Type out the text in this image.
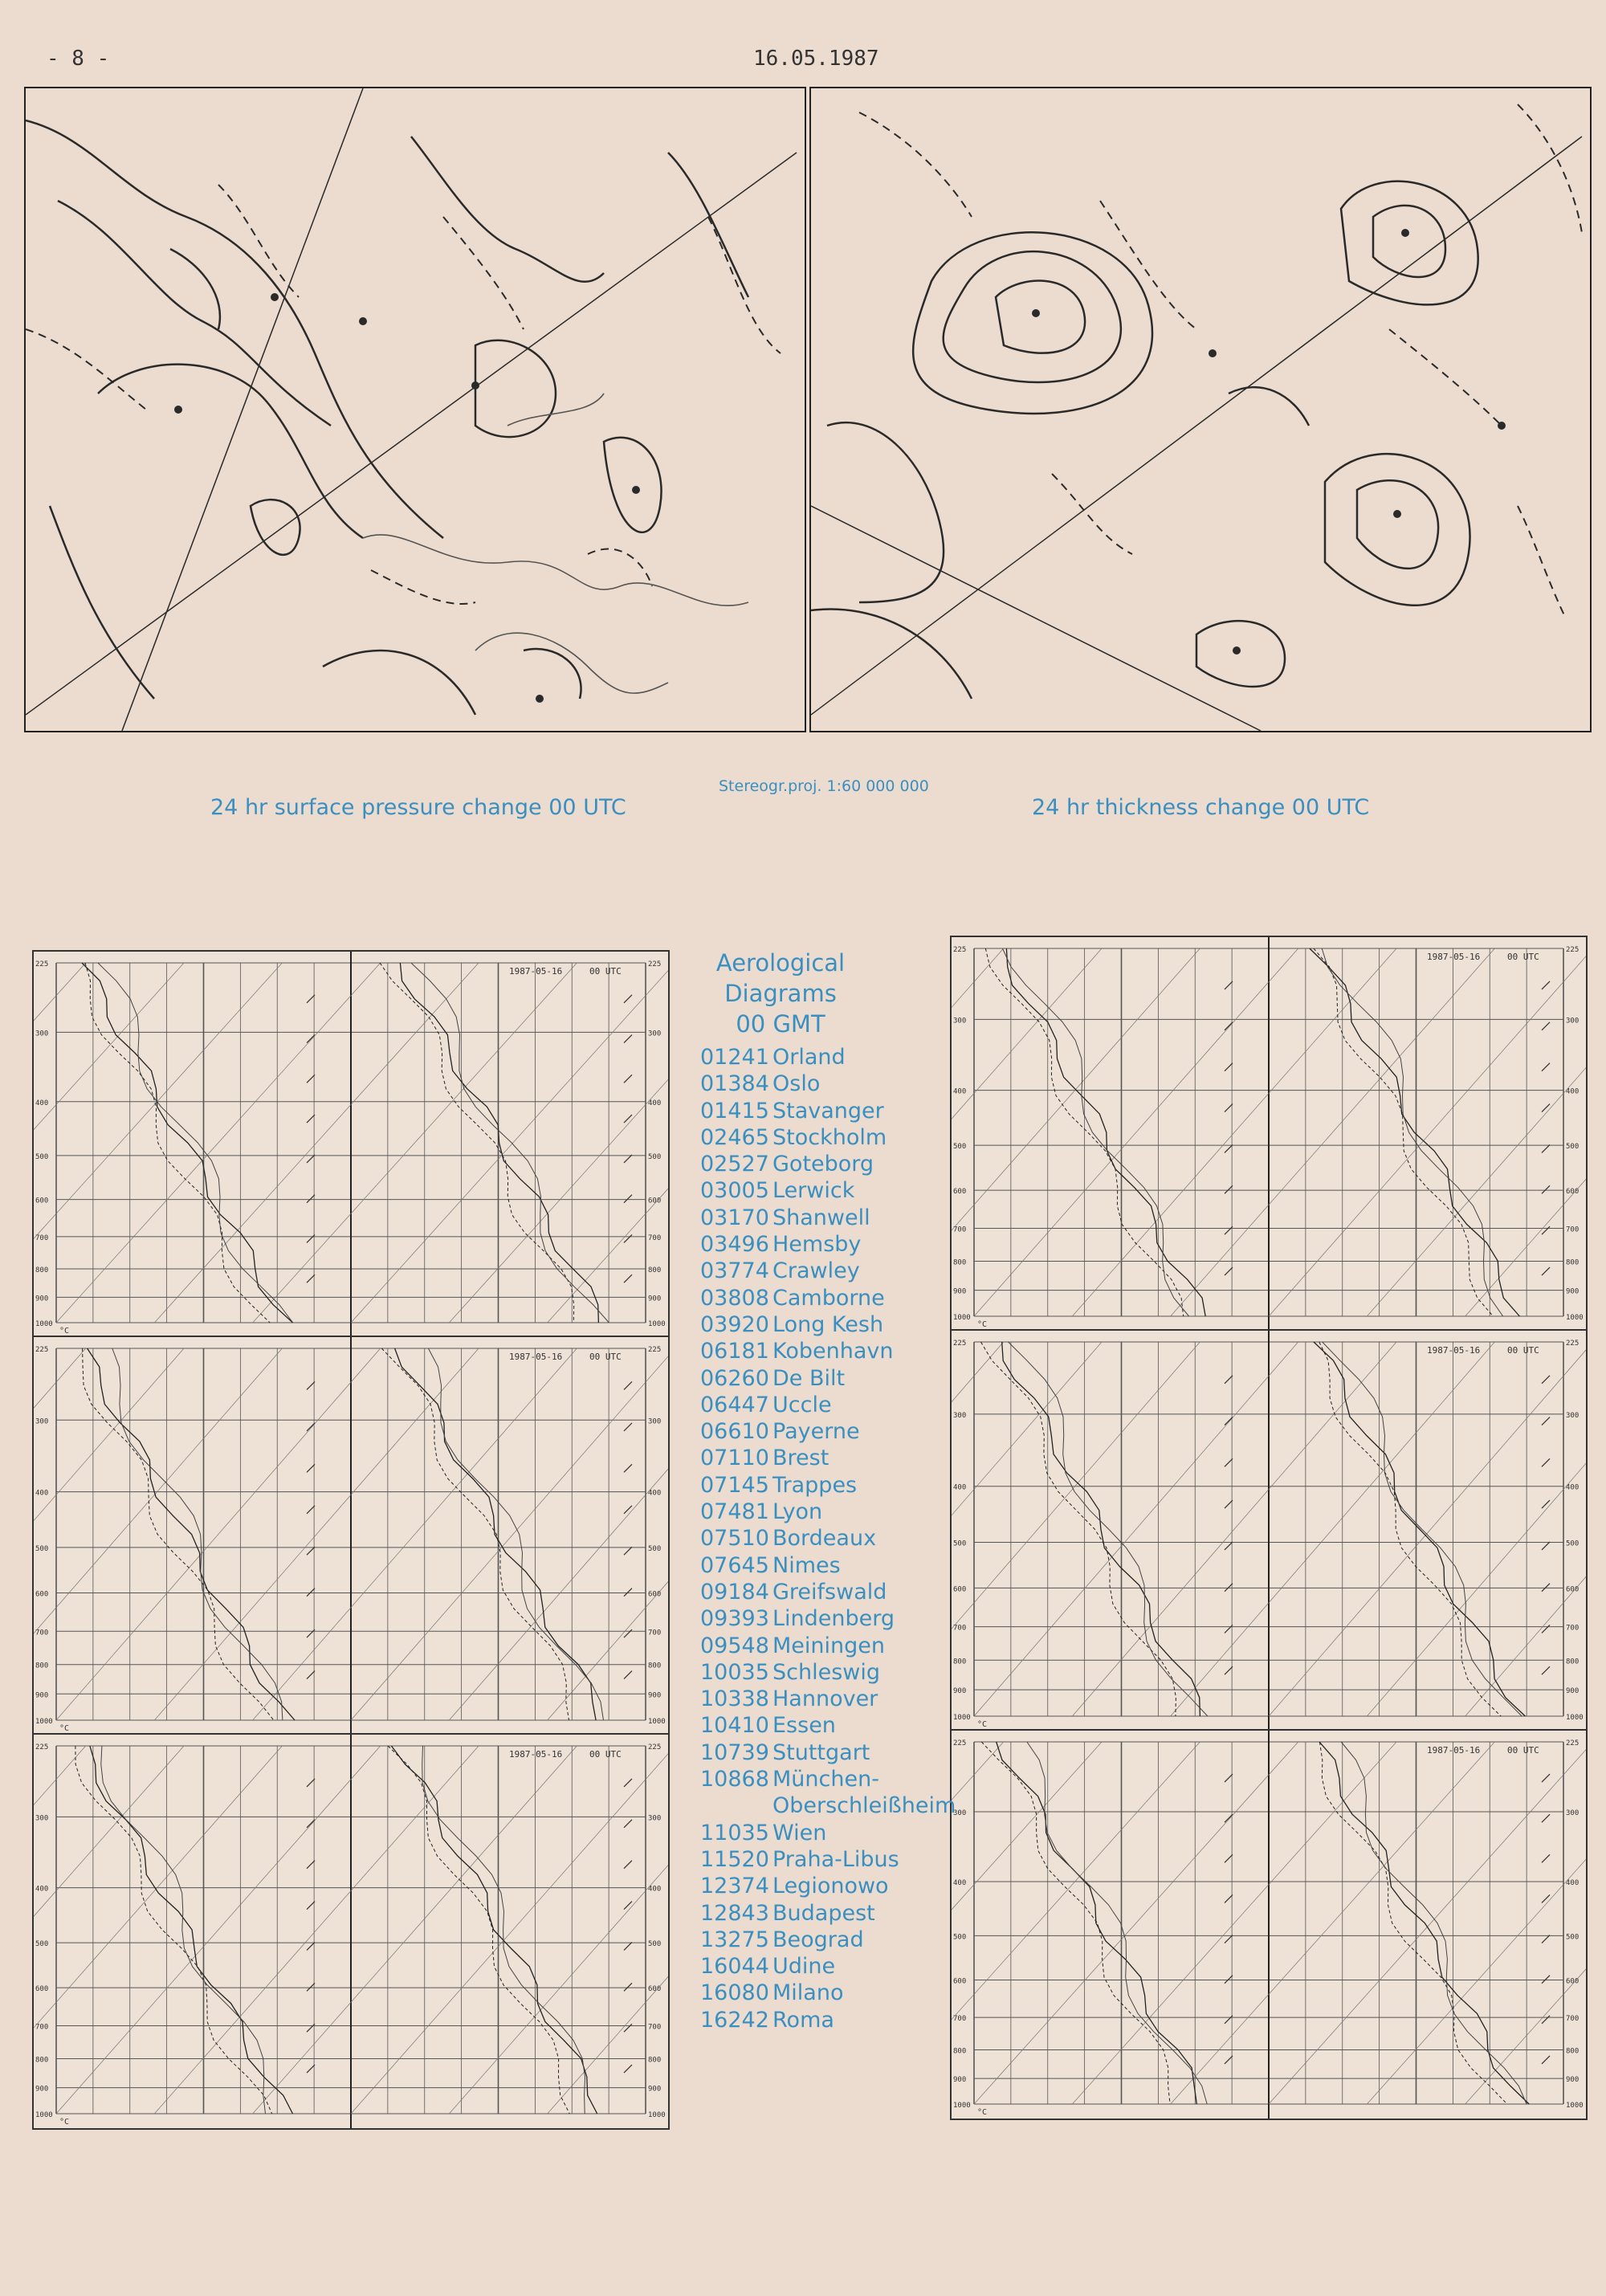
- 8 -	16.05.1987
24 hr surface pressure change 00 UTC
Stereogr.proj. 1:60 000 000
24 hr thickness change 00 UTC
225	225
300	300
400	400
500	500
600	600
700	700
800	800
900	900
1000	1000
1987-05-16	00 UTC
°C
225	225
300	300
400	400
500	500
600	600
700	700
800	800
900	900
1000	1000
1987-05-16	00 UTC
°C
225	225
300	300
400	400
500	500
600	600
700	700
800	800
900	900
1000	1000
1987-05-16	00 UTC
°C
225	225
300	300
400	400
500	500
600	600
700	700
800	800
900	900
1000	1000
1987-05-16	00 UTC
°C
225	225
300	300
400	400
500	500
600	600
700	700
800	800
900	900
1000	1000
1987-05-16	00 UTC
°C
225	225
300	300
400	400
500	500
600	600
700	700
800	800
900	900
1000	1000
1987-05-16	00 UTC
°C
Aerological
Diagrams
00 GMT
01241 Orland
01384 Oslo
01415 Stavanger
02465 Stockholm
02527 Goteborg
03005 Lerwick
03170 Shanwell
03496 Hemsby
03774 Crawley
03808 Camborne
03920 Long Kesh
06181 Kobenhavn
06260 De Bilt
06447 Uccle
06610 Payerne
07110 Brest
07145 Trappes
07481 Lyon
07510 Bordeaux
07645 Nimes
09184 Greifswald
09393 Lindenberg
09548 Meiningen
10035 Schleswig
10338 Hannover
10410 Essen
10739 Stuttgart
10868 München-
Oberschleißheim
11035 Wien
11520 Praha-Libus
12374 Legionowo
12843 Budapest
13275 Beograd
16044 Udine
16080 Milano
16242 Roma
